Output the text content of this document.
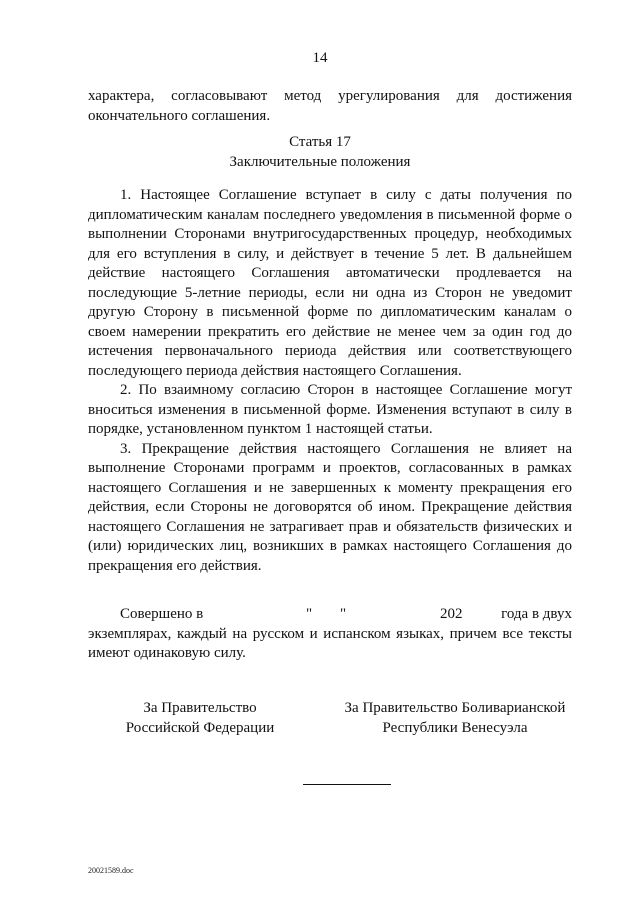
14

характера, согласовывают метод урегулирования для достижения окончательного соглашения.

Статья 17
Заключительные положения

1. Настоящее Соглашение вступает в силу с даты получения по дипломатическим каналам последнего уведомления в письменной форме о выполнении Сторонами внутригосударственных процедур, необходимых для его вступления в силу, и действует в течение 5 лет. В дальнейшем действие настоящего Соглашения автоматически продлевается на последующие 5-летние периоды, если ни одна из Сторон не уведомит другую Сторону в письменной форме по дипломатическим каналам о своем намерении прекратить его действие не менее чем за один год до истечения первоначального периода действия или соответствующего последующего периода действия настоящего Соглашения.

2. По взаимному согласию Сторон в настоящее Соглашение могут вноситься изменения в письменной форме. Изменения вступают в силу в порядке, установленном пунктом 1 настоящей статьи.

3. Прекращение действия настоящего Соглашения не влияет на выполнение Сторонами программ и проектов, согласованных в рамках настоящего Соглашения и не завершенных к моменту прекращения его действия, если Стороны не договорятся об ином. Прекращение действия настоящего Соглашения не затрагивает прав и обязательств физических и (или) юридических лиц, возникших в рамках настоящего Соглашения до прекращения его действия.

Совершено в	" "	202	года в двух
экземплярах, каждый на русском и испанском языках, причем все тексты имеют одинаковую силу.
За Правительство
Российской Федерации
За Правительство Боливарианской
Республики Венесуэла
20021589.doc
